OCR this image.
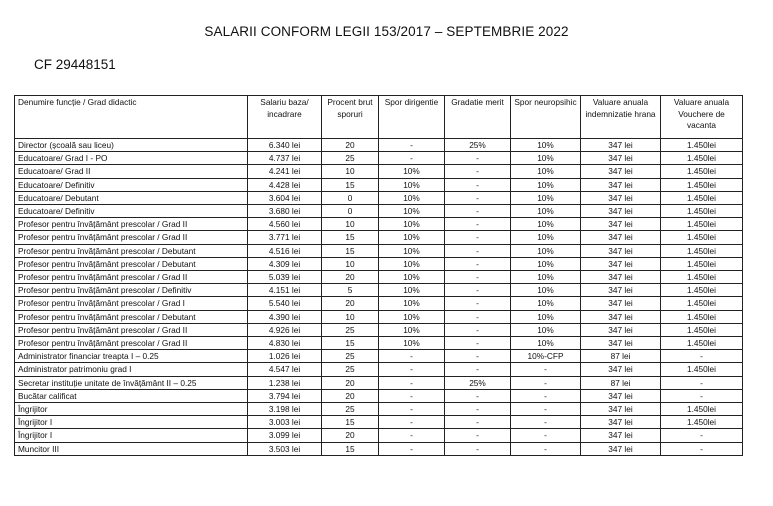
SALARII CONFORM LEGII 153/2017 – SEPTEMBRIE 2022
CF 29448151
Denumire funcție / Grad didactic	Salariu baza/ incadrare	Procent brut sporuri	Spor dirigentie	Gradatie merit	Spor neuropsihic	Valuare anuala indemnizatie hrana	Valuare anuala Vouchere de vacanta
Director (școală sau liceu)	6.340 lei	20	-	25%	10%	347 lei	1.450lei
Educatoare/ Grad I - PO	4.737 lei	25	-	-	10%	347 lei	1.450lei
Educatoare/ Grad II	4.241 lei	10	10%	-	10%	347 lei	1.450lei
Educatoare/ Definitiv	4.428 lei	15	10%	-	10%	347 lei	1.450lei
Educatoare/ Debutant	3.604 lei	0	10%	-	10%	347 lei	1.450lei
Educatoare/ Definitiv	3.680 lei	0	10%	-	10%	347 lei	1.450lei
Profesor pentru învățământ prescolar / Grad II	4.560 lei	10	10%	-	10%	347 lei	1.450lei
Profesor pentru învățământ prescolar / Grad II	3.771 lei	15	10%	-	10%	347 lei	1.450lei
Profesor pentru învățământ prescolar / Debutant	4.516 lei	15	10%	-	10%	347 lei	1.450lei
Profesor pentru învățământ prescolar / Debutant	4.309 lei	10	10%	-	10%	347 lei	1.450lei
Profesor pentru învățământ prescolar / Grad II	5.039 lei	20	10%	-	10%	347 lei	1.450lei
Profesor pentru învățământ prescolar / Definitiv	4.151 lei	5	10%	-	10%	347 lei	1.450lei
Profesor pentru învățământ prescolar / Grad I	5.540 lei	20	10%	-	10%	347 lei	1.450lei
Profesor pentru învățământ prescolar / Debutant	4.390 lei	10	10%	-	10%	347 lei	1.450lei
Profesor pentru învățământ prescolar / Grad II	4.926 lei	25	10%	-	10%	347 lei	1.450lei
Profesor pentru învățământ prescolar / Grad II	4.830 lei	15	10%	-	10%	347 lei	1.450lei
Administrator financiar treapta I – 0.25	1.026 lei	25	-	-	10%-CFP	87 lei	-
Administrator patrimoniu grad I	4.547 lei	25	-	-	-	347 lei	1.450lei
Secretar instituție unitate de învățământ II – 0.25	1.238 lei	20	-	25%	-	87 lei	-
Bucătar calificat	3.794 lei	20	-	-	-	347 lei	-
Îngrijitor	3.198 lei	25	-	-	-	347 lei	1.450lei
Îngrijitor I	3.003 lei	15	-	-	-	347 lei	1.450lei
Îngrijitor I	3.099 lei	20	-	-	-	347 lei	-
Muncitor III	3.503 lei	15	-	-	-	347 lei	-
